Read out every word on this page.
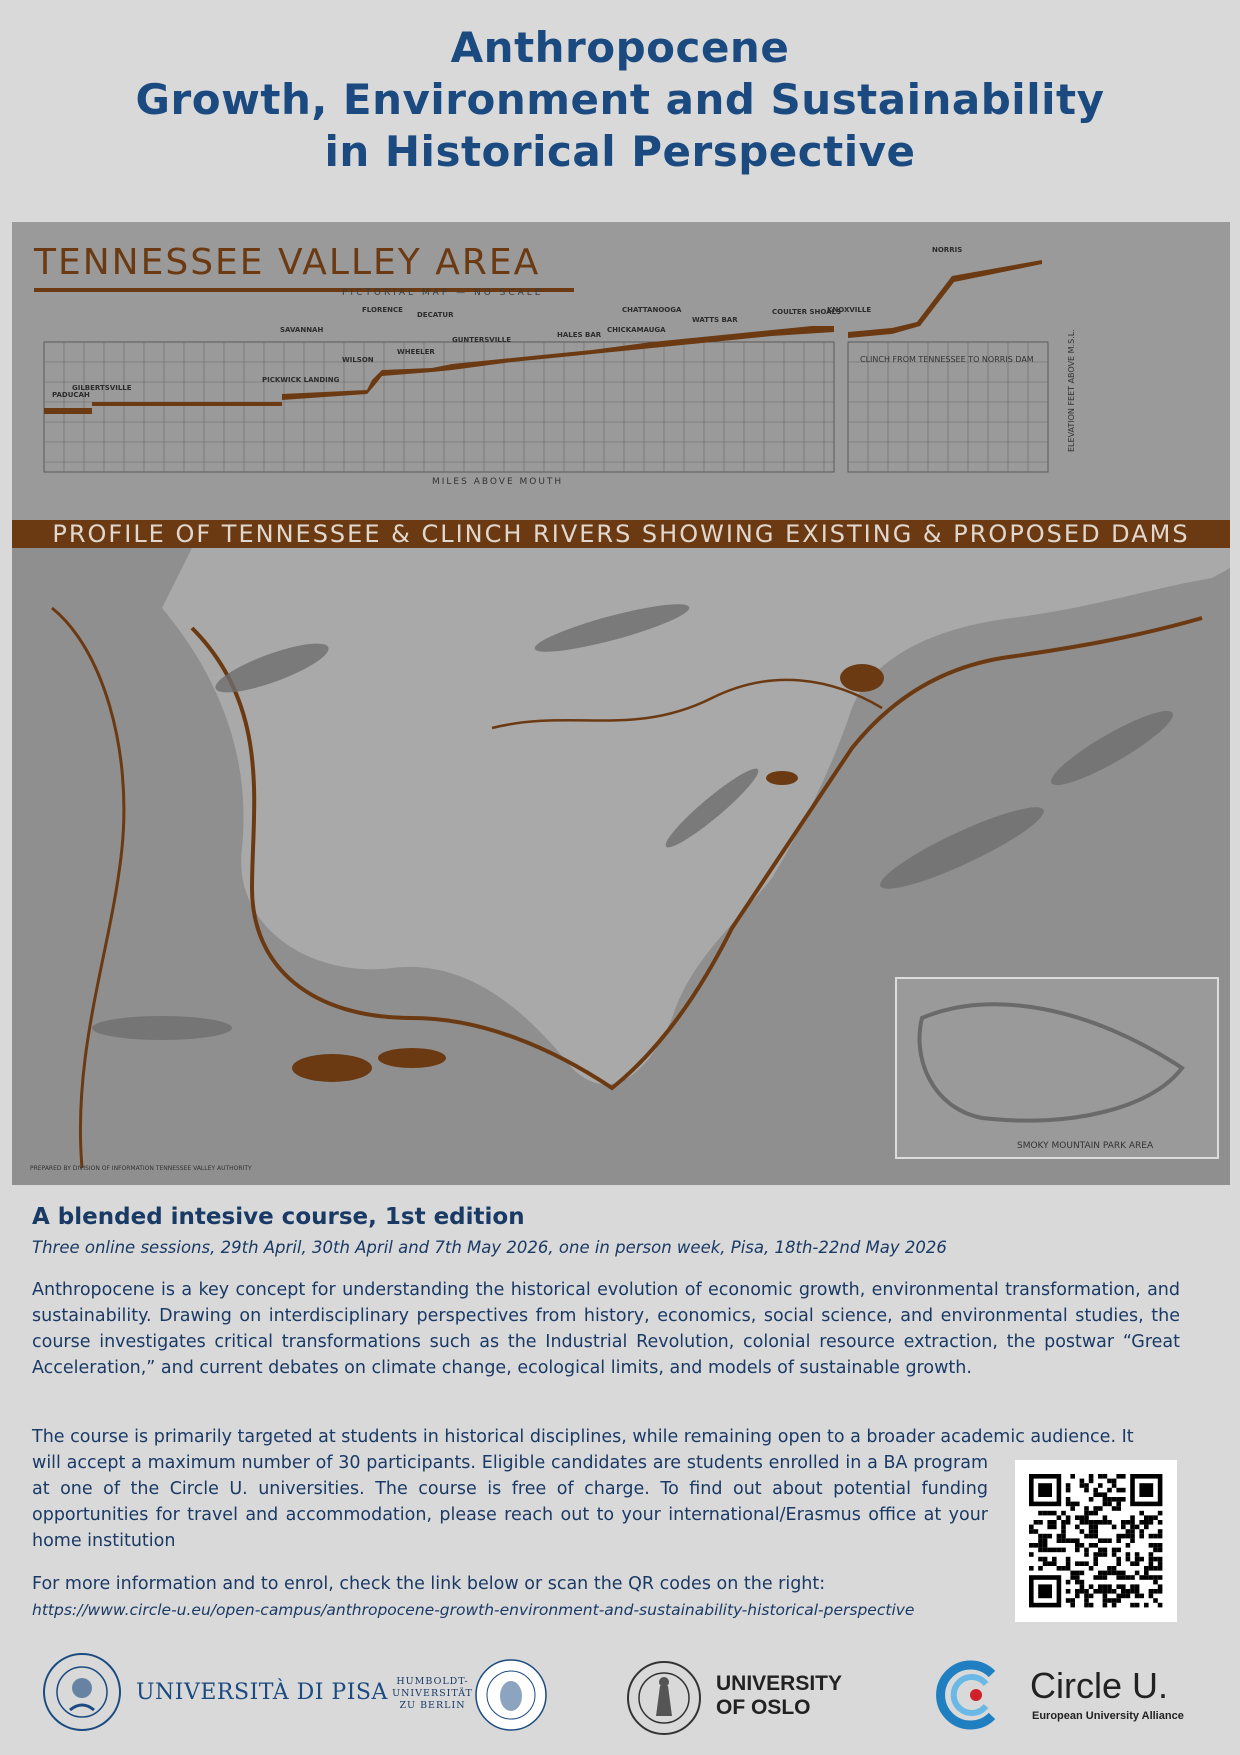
Anthropocene
Growth, Environment and Sustainability
in Historical Perspective
TENNESSEE VALLEY AREA
PICTORIAL MAP — NO SCALE
MILES ABOVE MOUTH
CLINCH FROM TENNESSEE TO NORRIS DAM
PADUCAH
GILBERTSVILLE
PICKWICK LANDING
SAVANNAH
WILSON
FLORENCE
WHEELER
DECATUR
GUNTERSVILLE
HALES BAR
CHICKAMAUGA
CHATTANOOGA
WATTS BAR
COULTER SHOALS
KNOXVILLE
NORRIS
ELEVATION FEET ABOVE M.S.L.
PROFILE OF TENNESSEE & CLINCH RIVERS SHOWING EXISTING & PROPOSED DAMS
SMOKY MOUNTAIN PARK AREA
PREPARED BY DIVISION OF INFORMATION TENNESSEE VALLEY AUTHORITY
A blended intesive course, 1st edition
Three online sessions, 29th April, 30th April and 7th May 2026, one in person week, Pisa, 18th-22nd May 2026
Anthropocene is a key concept for understanding the historical evolution of economic growth, environmental transformation, and sustainability. Drawing on interdisciplinary perspectives from history, economics, social science, and environmental studies, the course investigates critical transformations such as the Industrial Revolution, colonial resource extraction, the postwar “Great Acceleration,” and current debates on climate change, ecological limits, and models of sustainable growth.
The course is primarily targeted at students in historical disciplines, while remaining open to a broader academic audience. It
will accept a maximum number of 30 participants. Eligible candidates are students enrolled in a BA program at one of the Circle U. universities. The course is free of charge. To find out about potential funding opportunities for travel and accommodation, please reach out to your international/Erasmus office at your home institution
For more information and to enrol, check the link below or scan the QR codes on the right:
https://www.circle-u.eu/open-campus/anthropocene-growth-environment-and-sustainability-historical-perspective
UNIVERSITÀ DI PISA HUMBOLDT-
UNIVERSITÄT
ZU BERLIN
UNIVERSITY
OF OSLO
Circle U.
European University Alliance
